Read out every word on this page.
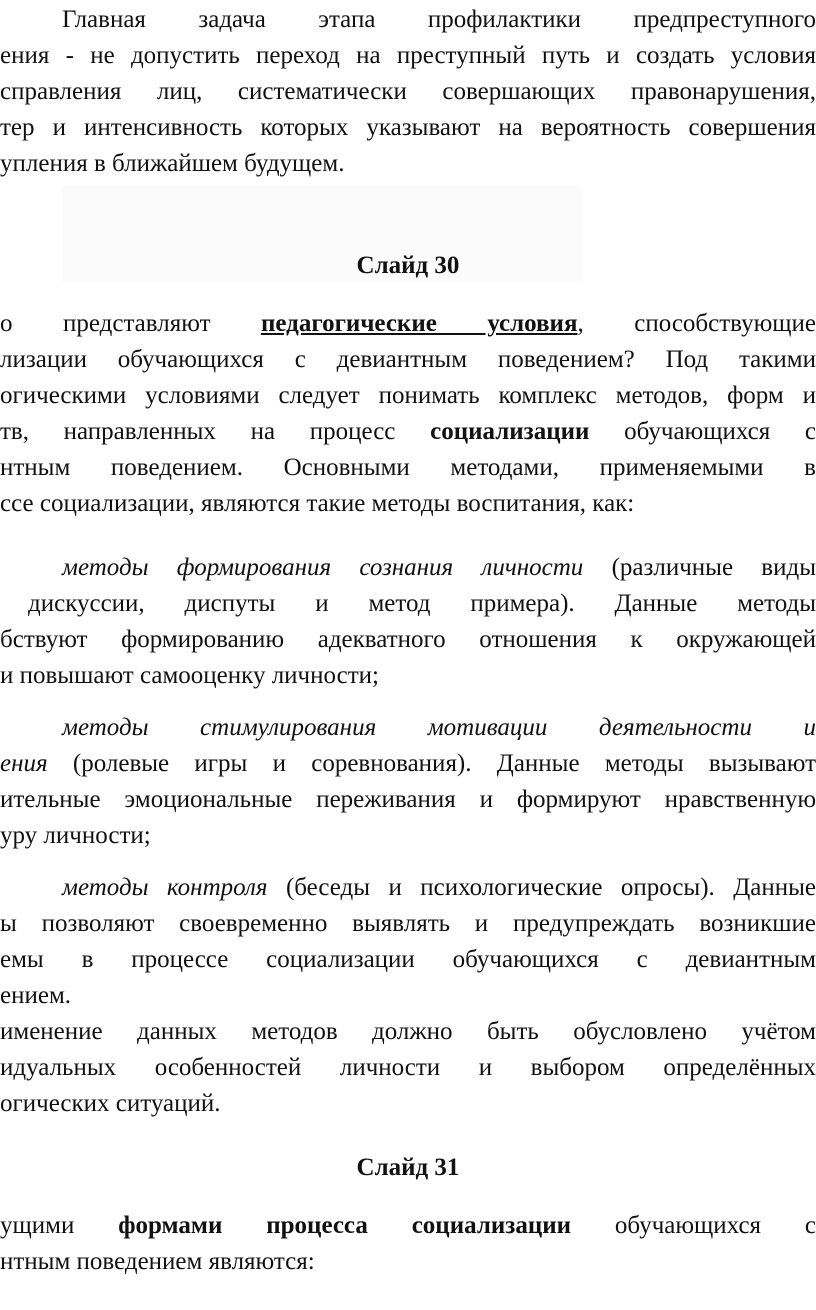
Главная задача этапа профилактики предпреступного
ения - не допустить переход на преступный путь и создать условия
справления лиц, систематически совершающих правонарушения,
тер и интенсивность которых указывают на вероятность совершения
упления в ближайшем будущем.
Слайд 30
о представляют педагогические условия, способствующие
лизации обучающихся с девиантным поведением? Под такими
огическими условиями следует понимать комплекс методов, форм и
тв, направленных на процесс социализации обучающихся с
нтным поведением. Основными методами, применяемыми в
ссе социализации, являются такие методы воспитания, как:
методы формирования сознания личности (различные виды
дискуссии, диспуты и метод примера). Данные методы
бствуют формированию адекватного отношения к окружающей
и повышают самооценку личности;
методы стимулирования мотивации деятельности и
ения (ролевые игры и соревнования). Данные методы вызывают
ительные эмоциональные переживания и формируют нравственную
уру личности;
методы контроля (беседы и психологические опросы). Данные
ы позволяют своевременно выявлять и предупреждать возникшие
емы в процессе социализации обучающихся с девиантным
ением.
именение данных методов должно быть обусловлено учётом
идуальных особенностей личности и выбором определённых
огических ситуаций.
Слайд 31
ущими формами процесса социализации обучающихся с
нтным поведением являются:
